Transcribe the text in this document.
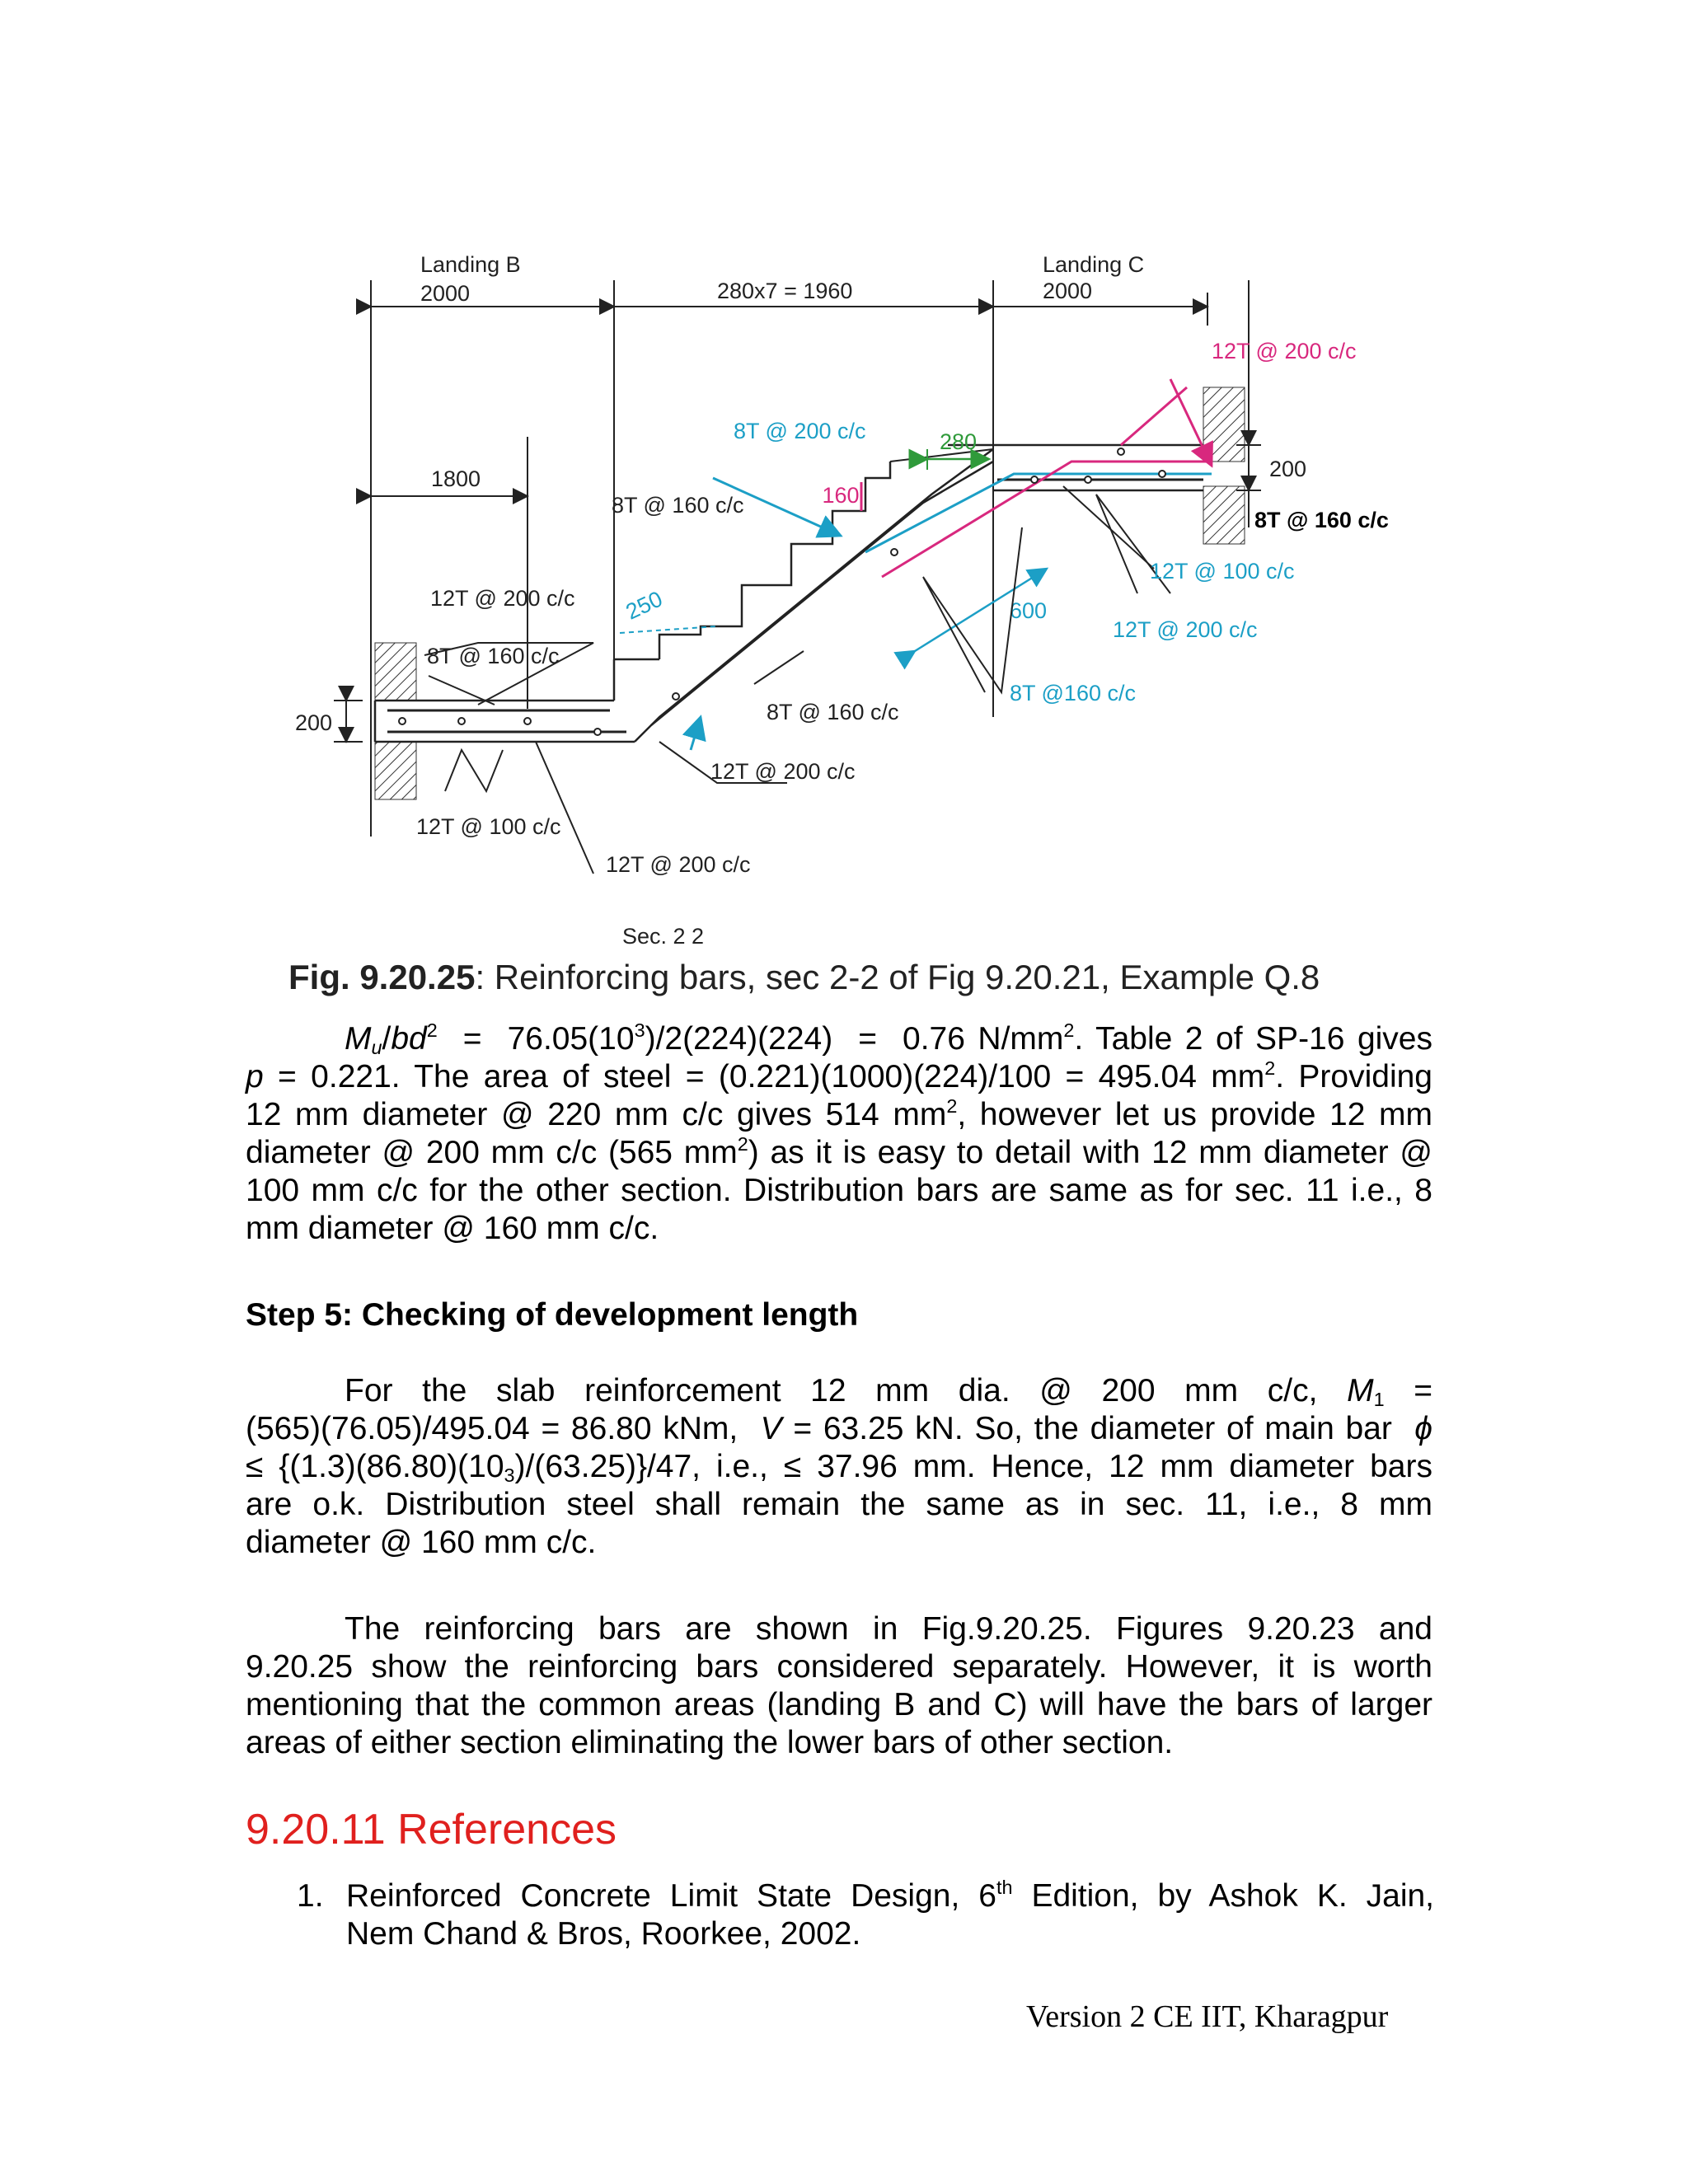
280
160
200
200
600
250
Landing B
2000	280x7 = 1960
Landing C
2000
1800
8T @ 200 c/c
8T @ 160 c/c
12T @ 200 c/c
8T @ 160 c/c
12T @ 100 c/c
12T @ 200 c/c
8T @ 160 c/c
12T @ 200 c/c
12T @ 200 c/c
8T @ 160 c/c
12T @ 100 c/c
12T @ 200 c/c
8T @160 c/c
Sec. 2 2
Fig. 9.20.25: Reinforcing bars, sec 2-2 of Fig 9.20.21, Example Q.8
$M_u/bd^2 = 76.05(10^3)/2(224)(224) = 0.76$ $N/mm^2$. Table 2 of SP-16 gives
p = 0.221. The area of steel = (0.221)(1000)(224)/100 = 495.04 $mm^2$. Providing
12 mm diameter @ 220 mm c/c gives 514 $mm^2$, however let us provide 12 mm
diameter @ 200 mm c/c (565 $mm^2$) as it is easy to detail with 12 mm diameter @
100 mm c/c for the other section. Distribution bars are same as for sec. 11 i.e., 8
mm diameter @ 160 mm c/c.
Step 5: Checking of development length
For the slab reinforcement 12 mm dia. @ 200 mm c/c, $M_1$ =
(565)(76.05)/495.04 = 86.80 kNm,  V = 63.25 kN. So, the diameter of main bar  ϕ
≤ $\{(1.3)(86.80)(10_3)/(63.25)\}/47$, i.e., ≤ 37.96 mm. Hence, 12 mm diameter bars
are o.k. Distribution steel shall remain the same as in sec. 11, i.e., 8 mm
diameter @ 160 mm c/c.
The reinforcing bars are shown in Fig.9.20.25. Figures 9.20.23 and
9.20.25 show the reinforcing bars considered separately. However, it is worth
mentioning that the common areas (landing B and C) will have the bars of larger
areas of either section eliminating the lower bars of other section.
9.20.11 References
1. Reinforced Concrete Limit State Design, 6th Edition, by Ashok K. Jain,
Nem Chand & Bros, Roorkee, 2002.
Version 2 CE IIT, Kharagpur
